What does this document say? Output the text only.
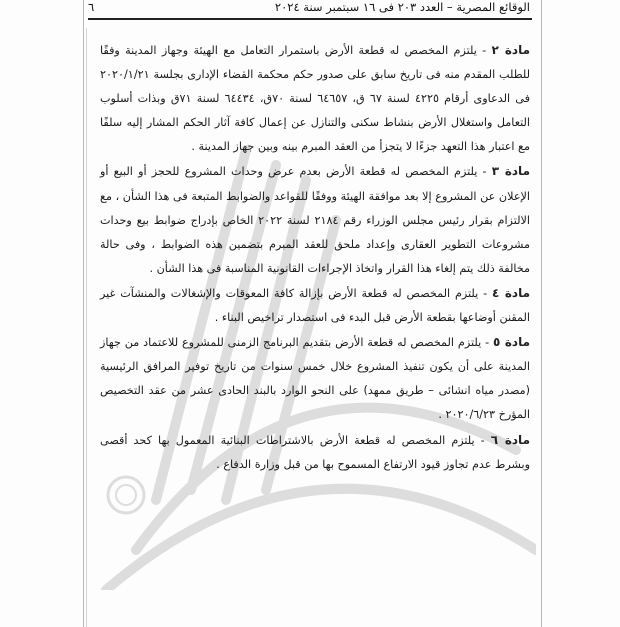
الوقائع المصرية – العدد ٢٠٣ فى ١٦ سبتمبر سنة ٢٠٢٤
٦

مادة ٢ - يلتزم المخصص له قطعة الأرض باستمرار التعامل مع الهيئة وجهاز المدينة وفقًا للطلب المقدم منه فى تاريخ سابق على صدور حكم محكمة القضاء الإدارى بجلسة ٢٠٢٠/١/٢١ فى الدعاوى أرقام ٤٢٢٥ لسنة ٦٧ ق، ٦٤٦٥٧ لسنة ٧٠ق، ٦٤٤٣٤ لسنة ٧١ق وبذات أسلوب التعامل واستغلال الأرض بنشاط سكنى والتنازل عن إعمال كافة آثار الحكم المشار إليه سلفًا مع اعتبار هذا التعهد جزءًا لا يتجزأ من العقد المبرم بينه وبين جهاز المدينة .

مادة ٣ - يلتزم المخصص له قطعة الأرض بعدم عرض وحدات المشروع للحجز أو البيع أو الإعلان عن المشروع إلا بعد موافقة الهيئة ووفقًا للقواعد والضوابط المتبعة فى هذا الشأن ، مع الالتزام بقرار رئيس مجلس الوزراء رقم ٢١٨٤ لسنة ٢٠٢٢ الخاص بإدراج ضوابط بيع وحدات مشروعات التطوير العقارى وإعداد ملحق للعقد المبرم بتضمين هذه الضوابط ، وفى حالة مخالفة ذلك يتم إلغاء هذا القرار واتخاذ الإجراءات القانونية المناسبة فى هذا الشأن .

مادة ٤ - يلتزم المخصص له قطعة الأرض بإزالة كافة المعوقات والإشغالات والمنشآت غير المقنن أوضاعها بقطعة الأرض قبل البدء فى استصدار تراخيص البناء .

مادة ٥ - يلتزم المخصص له قطعة الأرض بتقديم البرنامج الزمنى للمشروع للاعتماد من جهاز المدينة على أن يكون تنفيذ المشروع خلال خمس سنوات من تاريخ توفير المرافق الرئيسية (مصدر مياه انشائى – طريق ممهد) على النحو الوارد بالبند الحادى عشر من عقد التخصيص المؤرخ ٢٠٢٠/٦/٢٣ .

مادة ٦ - يلتزم المخصص له قطعة الأرض بالاشتراطات البنائية المعمول بها كحد أقصى وبشرط عدم تجاوز قيود الارتفاع المسموح بها من قبل وزارة الدفاع .
